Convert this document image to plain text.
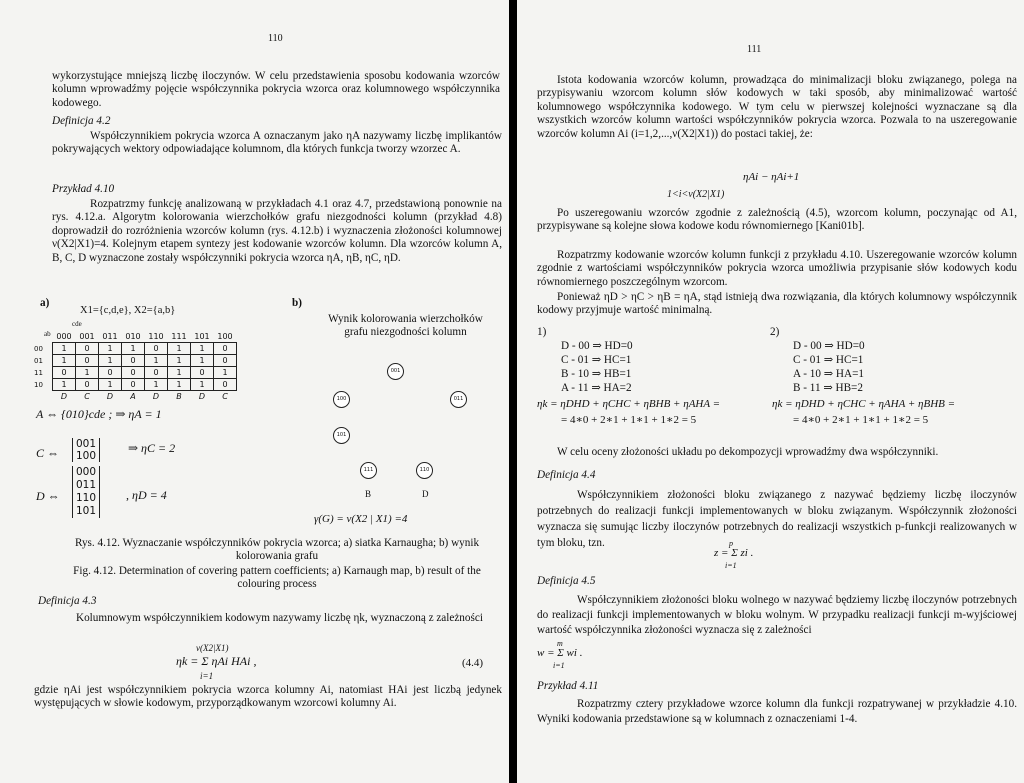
110

wykorzystujące mniejszą liczbę iloczynów. W celu przedstawienia sposobu kodowania wzorców kolumn wprowadźmy pojęcie współczynnika pokrycia wzorca oraz kolumnowego współczynnika kodowego.

Definicja 4.2

Współczynnikiem pokrycia wzorca A oznaczanym jako ηA nazywamy liczbę implikantów pokrywających wektory odpowiadające kolumnom, dla których funkcja tworzy wzorzec A.

Przykład 4.10

Rozpatrzmy funkcję analizowaną w przykładach 4.1 oraz 4.7, przedstawioną ponownie na rys. 4.12.a. Algorytm kolorowania wierzchołków grafu niezgodności kolumn (przykład 4.8) doprowadził do rozróżnienia wzorców kolumn (rys. 4.12.b) i wyznaczenia złożoności kolumnowej ν(X2|X1)=4. Kolejnym etapem syntezy jest kodowanie wzorców kolumn. Dla wzorców kolumn A, B, C, D wyznaczone zostały współczynniki pokrycia wzorca ηA, ηB, ηC, ηD.

a)
X1={c,d,e}, X2={a,b}
cde
ab
	000	001	011	010	110	111	101	100
00	1	0	1	1	0	1	1	0
01	1	0	1	0	1	1	1	0
11	0	1	0	0	0	1	0	1
10	1	0	1	0	1	1	1	0
	D	C	D	A	D	B	D	C
A ⇔ {010}cde ; ⇒ ηA = 1
C ⇔
001
100
⇒ ηC = 2
D ⇔
000
011
110
101
, ηD = 4
b)
Wynik kolorowania wierzchołków grafu niezgodności kolumn
001
100	011
101
111	110
B	D
γ(G) = ν(X2 | X1) =4

Rys. 4.12. Wyznaczanie współczynników pokrycia wzorca; a) siatka Karnaugha; b) wynik kolorowania grafu

Fig. 4.12. Determination of covering pattern coefficients; a) Karnaugh map, b) result of the colouring process

Definicja 4.3

Kolumnowym współczynnikiem kodowym nazywamy liczbę ηk, wyznaczoną z zależności

ν(X2|X1)
ηk = Σ ηAi HAi ,
i=1
(4.4)

gdzie ηAi jest współczynnikiem pokrycia wzorca kolumny Ai, natomiast HAi jest liczbą jedynek występujących w słowie kodowym, przyporządkowanym wzorcowi kolumny Ai.

111

Istota kodowania wzorców kolumn, prowadząca do minimalizacji bloku związanego, polega na przypisywaniu wzorcom kolumn słów kodowych w taki sposób, aby minimalizować wartość kolumnowego współczynnika kodowego. W tym celu w pierwszej kolejności wyznaczane są dla wszystkich wzorców kolumn wartości współczynników pokrycia wzorca. Pozwala to na uszeregowanie wzorców kolumn Ai (i=1,2,...,ν(X2|X1)) do postaci takiej, że:

ηAi − ηAi+1
1<i<ν(X2|X1)

Po uszeregowaniu wzorców zgodnie z zależnością (4.5), wzorcom kolumn, poczynając od A1, przypisywane są kolejne słowa kodowe kodu równomiernego [Kani01b].

Rozpatrzmy kodowanie wzorców kolumn funkcji z przykładu 4.10. Uszeregowanie wzorców kolumn zgodnie z wartościami współczynników pokrycia wzorca umożliwia przypisanie słów kodowych kodu równomiernego poszczególnym wzorcom.

Ponieważ ηD > ηC > ηB = ηA, stąd istnieją dwa rozwiązania, dla których kolumnowy współczynnik kodowy przyjmuje wartość minimalną.

1)	2)
D - 00 ⇒ HD=0
C - 01 ⇒ HC=1
B - 10 ⇒ HB=1
A - 11 ⇒ HA=2
D - 00 ⇒ HD=0
C - 01 ⇒ HC=1
A - 10 ⇒ HA=1
B - 11 ⇒ HB=2
ηk = ηDHD + ηCHC + ηBHB + ηAHA =
= 4∗0 + 2∗1 + 1∗1 + 1∗2 = 5
ηk = ηDHD + ηCHC + ηAHA + ηBHB =
= 4∗0 + 2∗1 + 1∗1 + 1∗2 = 5

W celu oceny złożoności układu po dekompozycji wprowadźmy dwa współczynniki.

Definicja 4.4

Współczynnikiem złożoności bloku związanego z nazywać będziemy liczbę iloczynów potrzebnych do realizacji funkcji implementowanych w bloku związanym. Współczynnik złożoności wyznacza się sumując liczby iloczynów potrzebnych do realizacji wszystkich p-funkcji realizowanych w tym bloku, tzn.	p
z = Σ zi .
i=1
Definicja 4.5

Współczynnikiem złożoności bloku wolnego w nazywać będziemy liczbę iloczynów potrzebnych do realizacji funkcji implementowanych w bloku wolnym. W przypadku realizacji funkcji m-wyjściowej wartość współczynnika złożoności wyznacza się z zależności

m
w = Σ wi .
i=1
Przykład 4.11

Rozpatrzmy cztery przykładowe wzorce kolumn dla funkcji rozpatrywanej w przykładzie 4.10. Wyniki kodowania przedstawione są w kolumnach z oznaczeniami 1-4.
